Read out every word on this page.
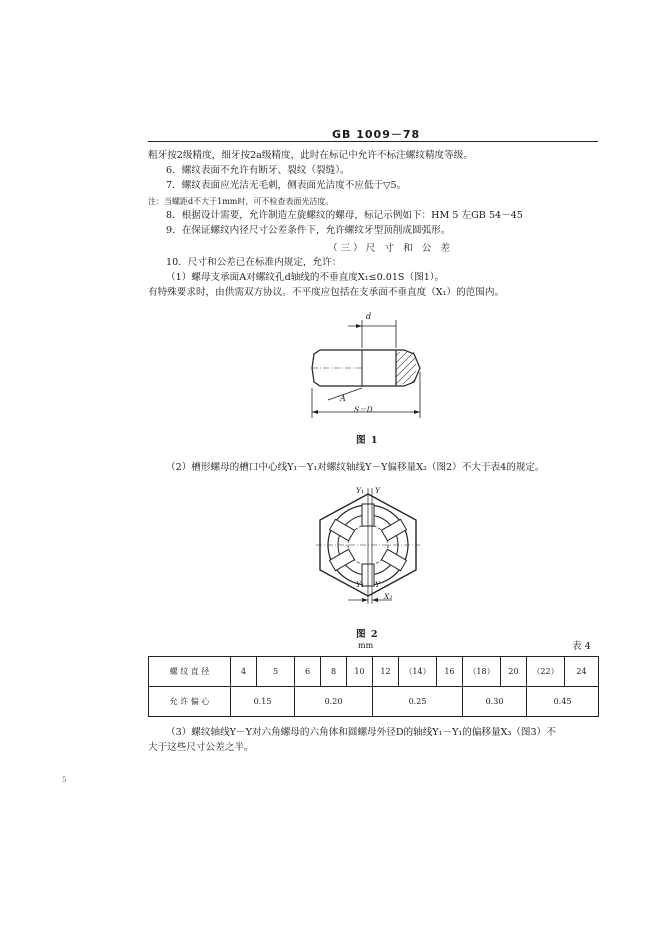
GB 1009－78
粗牙按2级精度，细牙按2a级精度，此时在标记中允许不标注螺纹精度等级。
6．螺纹表面不允许有断牙、裂纹（裂缝）。
7．螺纹表面应光洁无毛刺，侧表面光洁度不应低于▽5。
注：当螺距d不大于1mm时，可不检查表面光洁度。
8．根据设计需要，允许制造左旋螺纹的螺母，标记示例如下：HM 5 左GB 54－45
9．在保证螺纹内径尺寸公差条件下，允许螺纹牙型顶削成圆弧形。
（三）尺 寸 和 公 差
10．尺寸和公差已在标准内规定，允许：
（1）螺母支承面A对螺纹孔d轴线的不垂直度X₁≤0.01S（图1）。
有特殊要求时，由供需双方协议。不平度应包括在支承面不垂直度（X₁）的范围内。
d
A
S＝D
图 1
（2）槽形螺母的槽口中心线Y₁－Y₁对螺纹轴线Y－Y偏移量X₂（图2）不大于表4的规定。
Y₁ Y
Y₁ Y
X₂
图 2
mm	表 4
螺 纹 直 径	4	5	6	8	10	12	（14）	16	（18）	20	（22）	24
允 许 偏 心	0.15		0.20			0.25			0.30		0.45	
（3）螺纹轴线Y－Y对六角螺母的六角体和圆螺母外径D的轴线Y₁－Y₁的偏移量X₃（图3）不
大于这些尺寸公差之半。
5
